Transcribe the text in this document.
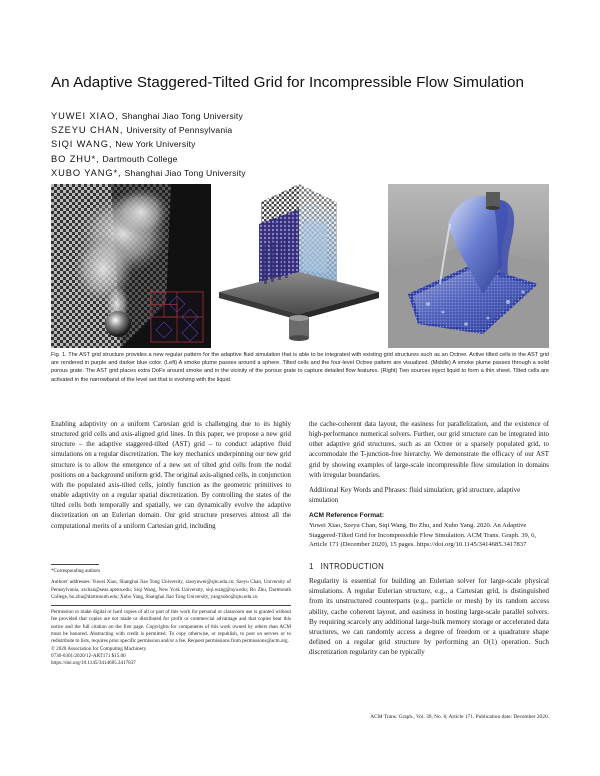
An Adaptive Staggered-Tilted Grid for Incompressible Flow Simulation
YUWEI XIAO, Shanghai Jiao Tong University
SZEYU CHAN, University of Pennsylvania
SIQI WANG, New York University
BO ZHU*, Dartmouth College
XUBO YANG*, Shanghai Jiao Tong University
Fig. 1. The AST grid structure provides a new regular pattern for the adaptive fluid simulation that is able to be integrated with existing grid structures such as an Octree. Active tilted cells in the AST grid are rendered in purple and darker blue color. (Left) A smoke plume passes around a sphere. Tilted cells and the four-level Octree pattern are visualized. (Middle) A smoke plume passes through a solid porous grate. The AST grid places extra DoFs around smoke and in the vicinity of the porous grate to capture detailed flow features. (Right) Two sources inject liquid to form a thin sheet. Tilted cells are activated in the narrowband of the level set that is evolving with the liquid.
Enabling adaptivity on a uniform Cartesian grid is challenging due to its highly structured grid cells and axis-aligned grid lines. In this paper, we propose a new grid structure – the adaptive staggered-tilted (AST) grid – to conduct adaptive fluid simulations on a regular discretization. The key mechanics underpinning our new grid structure is to allow the emergence of a new set of tilted grid cells from the nodal positions on a background uniform grid. The original axis-aligned cells, in conjunction with the populated axis-tilted cells, jointly function as the geometric primitives to enable adaptivity on a regular spatial discretization. By controlling the states of the tilted cells both temporally and spatially, we can dynamically evolve the adaptive discretization on an Eulerian domain. Our grid structure preserves almost all the computational merits of a uniform Cartesian grid, including
*Corresponding authors
Authors' addresses: Yuwei Xiao, Shanghai Jiao Tong University, xiaoyuwei@sjtu.edu.cn; Szeyu Chan, University of Pennsylvania, szchan@seas.upenn.edu; Siqi Wang, New York University, siqi.wang@nyu.edu; Bo Zhu, Dartmouth College, bo.zhu@dartmouth.edu; Xubo Yang, Shanghai Jiao Tong University, yangxubo@sjtu.edu.cn.
Permission to make digital or hard copies of all or part of this work for personal or classroom use is granted without fee provided that copies are not made or distributed for profit or commercial advantage and that copies bear this notice and the full citation on the first page. Copyrights for components of this work owned by others than ACM must be honored. Abstracting with credit is permitted. To copy otherwise, or republish, to post on servers or to redistribute to lists, requires prior specific permission and/or a fee. Request permissions from permissions@acm.org.
© 2020 Association for Computing Machinery.
0730-0301/2020/12-ART171 $15.00
https://doi.org/10.1145/3414685.3417837
the cache-coherent data layout, the easiness for parallelization, and the existence of high-performance numerical solvers. Further, our grid structure can be integrated into other adaptive grid structures, such as an Octree or a sparsely populated grid, to accommodate the T-junction-free hierarchy. We demonstrate the efficacy of our AST grid by showing examples of large-scale incompressible flow simulation in domains with irregular boundaries.
Additional Key Words and Phrases: fluid simulation, grid structure, adaptive simulation
ACM Reference Format:
Yuwei Xiao, Szeyu Chan, Siqi Wang, Bo Zhu, and Xubo Yang. 2020. An Adaptive Staggered-Tilted Grid for Incompressible Flow Simulation. ACM Trans. Graph. 39, 6, Article 171 (December 2020), 15 pages. https://doi.org/10.1145/3414685.3417837
1 INTRODUCTION
Regularity is essential for building an Eulerian solver for large-scale physical simulations. A regular Eulerian structure, e.g., a Cartesian grid, is distinguished from its unstructured counterparts (e.g., particle or mesh) by its random access ability, cache coherent layout, and easiness in hosting large-scale parallel solvers. By requiring scarcely any additional large-bulk memory storage or accelerated data structures, we can randomly access a degree of freedom or a quadrature shape defined on a regular grid structure by performing an O(1) operation. Such discretization regularity can be typically
ACM Trans. Graph., Vol. 39, No. 6, Article 171. Publication date: December 2020.
